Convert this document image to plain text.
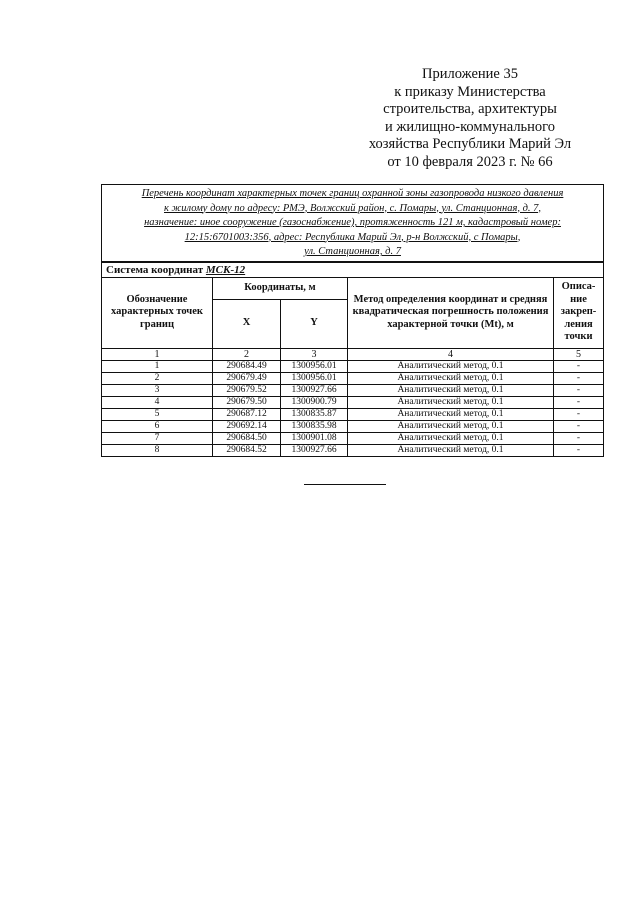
Приложение 35
к приказу Министерства
строительства, архитектуры
и жилищно-коммунального
хозяйства Республики Марий Эл
от 10 февраля 2023 г. № 66
Перечень координат характерных точек границ охранной зоны газопровода низкого давления
к жилому дому по адресу: РМЭ, Волжский район, с. Помары, ул. Станционная, д. 7,
назначение: иное сооружение (газоснабжение), протяженность 121 м, кадастровый номер:
12:15:6701003:356, адрес: Республика Марий Эл, р-н Волжский, с Помары,
ул. Станционная, д. 7				

Система координат МСК-12				
Обозначение характерных точек границ	Координаты, м		Метод определения координат и средняя квадратическая погрешность положения характерной точки (Mt), м	Описа- ние закреп- ления точки
	X	Y		
1	2	3	4	5
1	290684.49	1300956.01	Аналитический метод, 0.1	-
2	290679.49	1300956.01	Аналитический метод, 0.1	-
3	290679.52	1300927.66	Аналитический метод, 0.1	-
4	290679.50	1300900.79	Аналитический метод, 0.1	-
5	290687.12	1300835.87	Аналитический метод, 0.1	-
6	290692.14	1300835.98	Аналитический метод, 0.1	-
7	290684.50	1300901.08	Аналитический метод, 0.1	-
8	290684.52	1300927.66	Аналитический метод, 0.1	-
